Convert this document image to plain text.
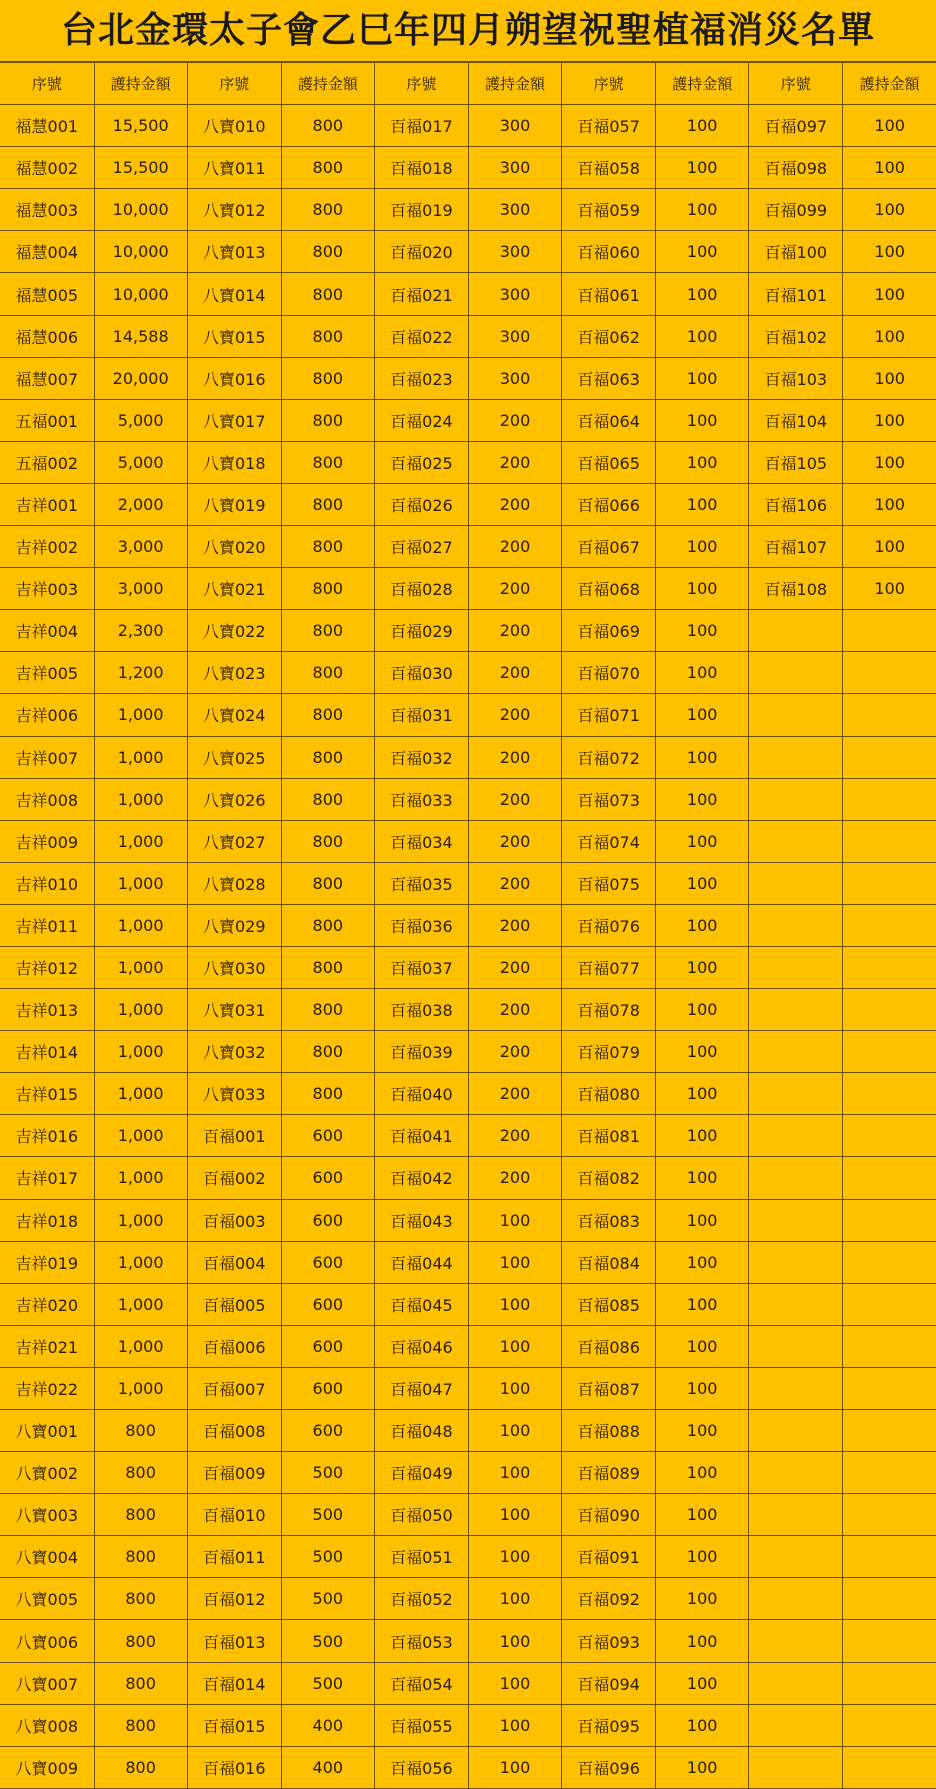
台北金環太子會乙巳年四月朔望祝聖植福消災名單
序號	護持金額	序號	護持金額	序號	護持金額	序號	護持金額	序號	護持金額
福慧001	15,500	八寶010	800	百福017	300	百福057	100	百福097	100
福慧002	15,500	八寶011	800	百福018	300	百福058	100	百福098	100
福慧003	10,000	八寶012	800	百福019	300	百福059	100	百福099	100
福慧004	10,000	八寶013	800	百福020	300	百福060	100	百福100	100
福慧005	10,000	八寶014	800	百福021	300	百福061	100	百福101	100
福慧006	14,588	八寶015	800	百福022	300	百福062	100	百福102	100
福慧007	20,000	八寶016	800	百福023	300	百福063	100	百福103	100
五福001	5,000	八寶017	800	百福024	200	百福064	100	百福104	100
五福002	5,000	八寶018	800	百福025	200	百福065	100	百福105	100
吉祥001	2,000	八寶019	800	百福026	200	百福066	100	百福106	100
吉祥002	3,000	八寶020	800	百福027	200	百福067	100	百福107	100
吉祥003	3,000	八寶021	800	百福028	200	百福068	100	百福108	100
吉祥004	2,300	八寶022	800	百福029	200	百福069	100		
吉祥005	1,200	八寶023	800	百福030	200	百福070	100		
吉祥006	1,000	八寶024	800	百福031	200	百福071	100		
吉祥007	1,000	八寶025	800	百福032	200	百福072	100		
吉祥008	1,000	八寶026	800	百福033	200	百福073	100		
吉祥009	1,000	八寶027	800	百福034	200	百福074	100		
吉祥010	1,000	八寶028	800	百福035	200	百福075	100		
吉祥011	1,000	八寶029	800	百福036	200	百福076	100		
吉祥012	1,000	八寶030	800	百福037	200	百福077	100		
吉祥013	1,000	八寶031	800	百福038	200	百福078	100		
吉祥014	1,000	八寶032	800	百福039	200	百福079	100		
吉祥015	1,000	八寶033	800	百福040	200	百福080	100		
吉祥016	1,000	百福001	600	百福041	200	百福081	100		
吉祥017	1,000	百福002	600	百福042	200	百福082	100		
吉祥018	1,000	百福003	600	百福043	100	百福083	100		
吉祥019	1,000	百福004	600	百福044	100	百福084	100		
吉祥020	1,000	百福005	600	百福045	100	百福085	100		
吉祥021	1,000	百福006	600	百福046	100	百福086	100		
吉祥022	1,000	百福007	600	百福047	100	百福087	100		
八寶001	800	百福008	600	百福048	100	百福088	100		
八寶002	800	百福009	500	百福049	100	百福089	100		
八寶003	800	百福010	500	百福050	100	百福090	100		
八寶004	800	百福011	500	百福051	100	百福091	100		
八寶005	800	百福012	500	百福052	100	百福092	100		
八寶006	800	百福013	500	百福053	100	百福093	100		
八寶007	800	百福014	500	百福054	100	百福094	100		
八寶008	800	百福015	400	百福055	100	百福095	100		
八寶009	800	百福016	400	百福056	100	百福096	100		
